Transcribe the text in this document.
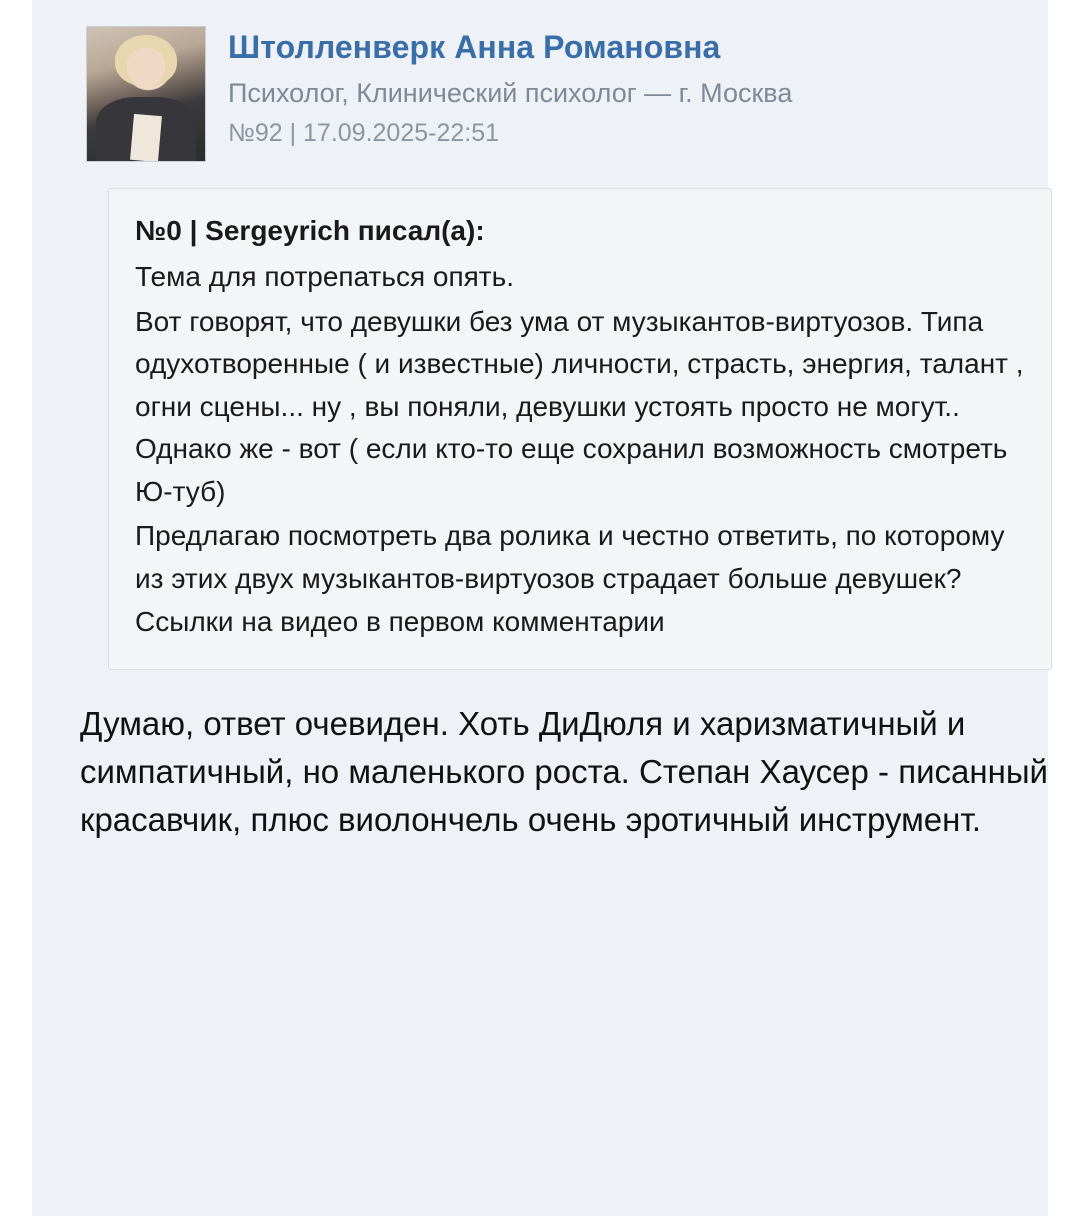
Штолленверк Анна Романовна
Психолог, Клинический психолог — г. Москва
№92 | 17.09.2025-22:51
№0 | Sergeyrich писал(а):

Тема для потрепаться опять.

Вот говорят, что девушки без ума от музыкантов-виртуозов. Типа одухотворенные ( и известные) личности, страсть, энергия, талант , огни сцены... ну , вы поняли, девушки устоять просто не могут.. Однако же - вот ( если кто-то еще сохранил возможность смотреть Ю-туб)

Предлагаю посмотреть два ролика и честно ответить, по которому из этих двух музыкантов-виртуозов страдает больше девушек? Ссылки на видео в первом комментарии

Думаю, ответ очевиден. Хоть ДиДюля и харизматичный и симпатичный, но маленького роста. Степан Хаусер - писанный красавчик, плюс виолончель очень эротичный инструмент.
